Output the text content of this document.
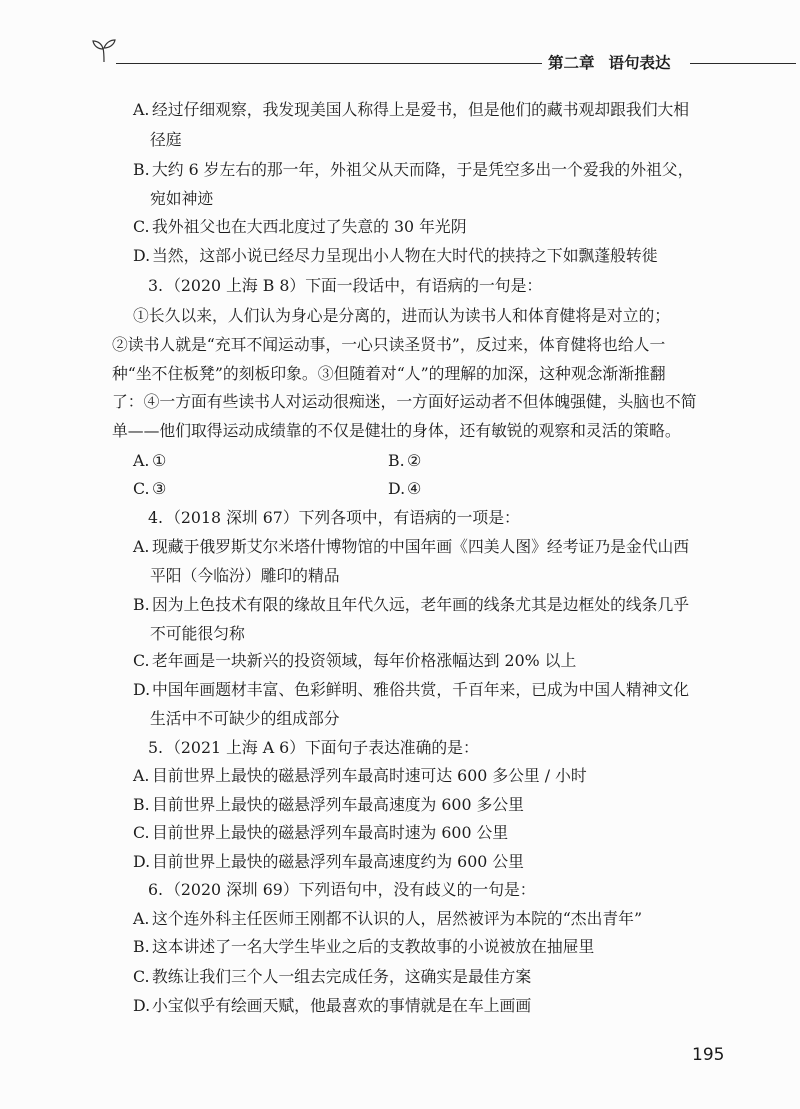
第二章 语句表达
A. 经过仔细观察，我发现美国人称得上是爱书，但是他们的藏书观却跟我们大相
径庭
B. 大约 6 岁左右的那一年，外祖父从天而降，于是凭空多出一个爱我的外祖父，
宛如神迹
C. 我外祖父也在大西北度过了失意的 30 年光阴
D. 当然，这部小说已经尽力呈现出小人物在大时代的挟持之下如飘蓬般转徙
3. （2020 上海 B 8）下面一段话中，有语病的一句是：
①长久以来，人们认为身心是分离的，进而认为读书人和体育健将是对立的；
②读书人就是“充耳不闻运动事，一心只读圣贤书”，反过来，体育健将也给人一
种“坐不住板凳”的刻板印象。③但随着对“人”的理解的加深，这种观念渐渐推翻
了：④一方面有些读书人对运动很痴迷，一方面好运动者不但体魄强健，头脑也不简
单——他们取得运动成绩靠的不仅是健壮的身体，还有敏锐的观察和灵活的策略。
A. ①	B. ②
C. ③	D. ④
4. （2018 深圳 67）下列各项中，有语病的一项是：
A. 现藏于俄罗斯艾尔米塔什博物馆的中国年画《四美人图》经考证乃是金代山西
平阳（今临汾）雕印的精品
B. 因为上色技术有限的缘故且年代久远，老年画的线条尤其是边框处的线条几乎
不可能很匀称
C. 老年画是一块新兴的投资领域，每年价格涨幅达到 20% 以上
D. 中国年画题材丰富、色彩鲜明、雅俗共赏，千百年来，已成为中国人精神文化
生活中不可缺少的组成部分
5. （2021 上海 A 6）下面句子表达准确的是：
A. 目前世界上最快的磁悬浮列车最高时速可达 600 多公里 / 小时
B. 目前世界上最快的磁悬浮列车最高速度为 600 多公里
C. 目前世界上最快的磁悬浮列车最高时速为 600 公里
D. 目前世界上最快的磁悬浮列车最高速度约为 600 公里
6. （2020 深圳 69）下列语句中，没有歧义的一句是：
A. 这个连外科主任医师王刚都不认识的人，居然被评为本院的“杰出青年”
B. 这本讲述了一名大学生毕业之后的支教故事的小说被放在抽屉里
C. 教练让我们三个人一组去完成任务，这确实是最佳方案
D. 小宝似乎有绘画天赋，他最喜欢的事情就是在车上画画
195
